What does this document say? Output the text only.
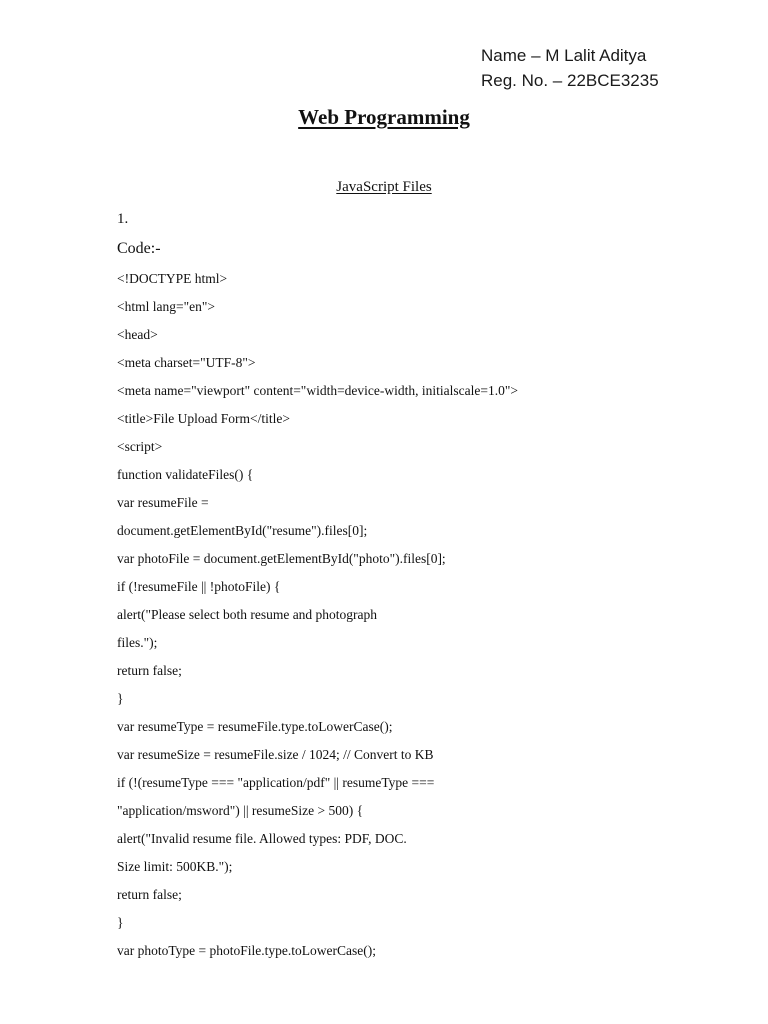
Name – M Lalit Aditya
Reg. No. – 22BCE3235
Web Programming
JavaScript Files
1.
Code:-
<!DOCTYPE html>
<html lang="en">
<head>
<meta charset="UTF-8">
<meta name="viewport" content="width=device-width, initialscale=1.0">
<title>File Upload Form</title>
<script>
function validateFiles() {
var resumeFile =
document.getElementById("resume").files[0];
var photoFile = document.getElementById("photo").files[0];
if (!resumeFile || !photoFile) {
alert("Please select both resume and photograph
files.");
return false;
}
var resumeType = resumeFile.type.toLowerCase();
var resumeSize = resumeFile.size / 1024; // Convert to KB
if (!(resumeType === "application/pdf" || resumeType ===
"application/msword") || resumeSize > 500) {
alert("Invalid resume file. Allowed types: PDF, DOC.
Size limit: 500KB.");
return false;
}
var photoType = photoFile.type.toLowerCase();
